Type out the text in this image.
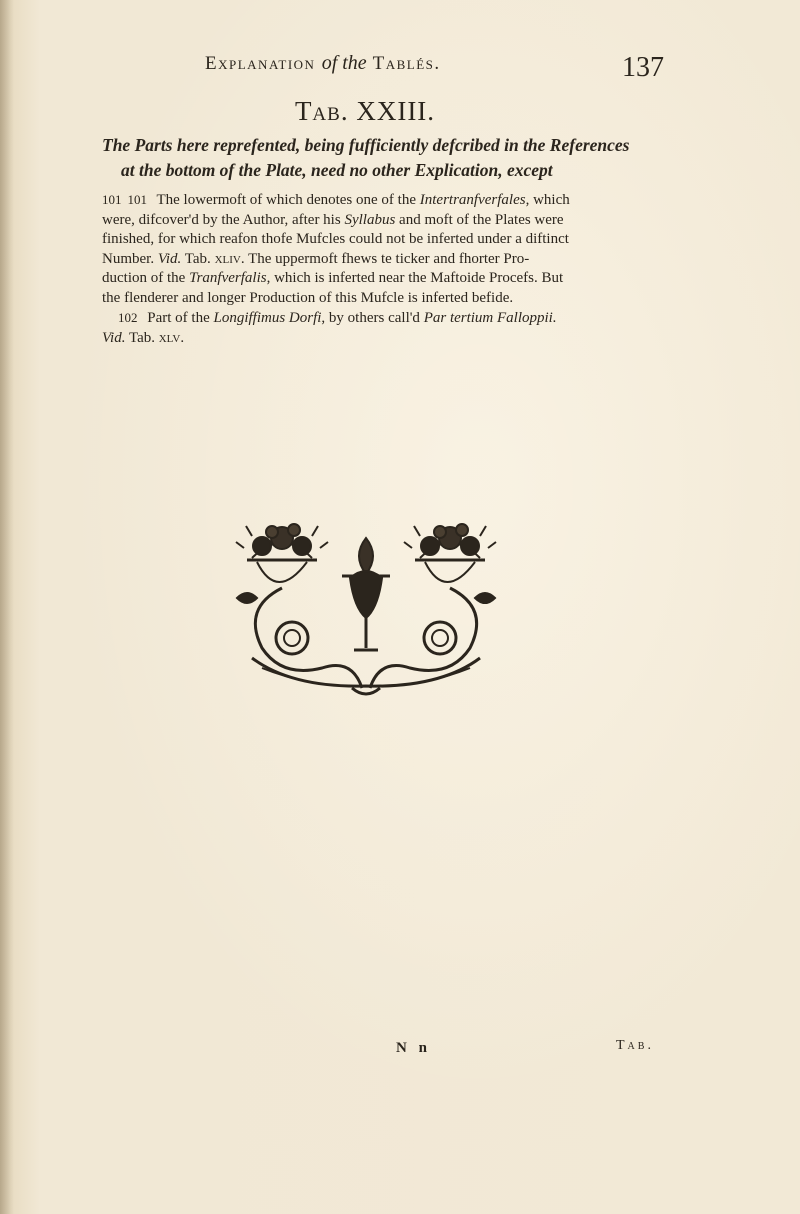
Explanation of the Tablés.	137
Tab. XXIII.
The Parts here reprefented, being fufficiently defcribed in the References
at the bottom of the Plate, need no other Explication, except
101 101 The lowermoft of which denotes one of the Intertranfverfales, which
were, difcover'd by the Author, after his Syllabus and moft of the Plates were
finished, for which reafon thofe Mufcles could not be inferted under a diftinct
Number. Vid. Tab. xliv. The uppermoft fhews te ticker and fhorter Pro-
duction of the Tranfverfalis, which is inferted near the Maftoide Procefs. But
the flenderer and longer Production of this Mufcle is inferted befide.
102 Part of the Longiffimus Dorfi, by others call'd Par tertium Falloppii.
Vid. Tab. xlv.
N n	Tab.
